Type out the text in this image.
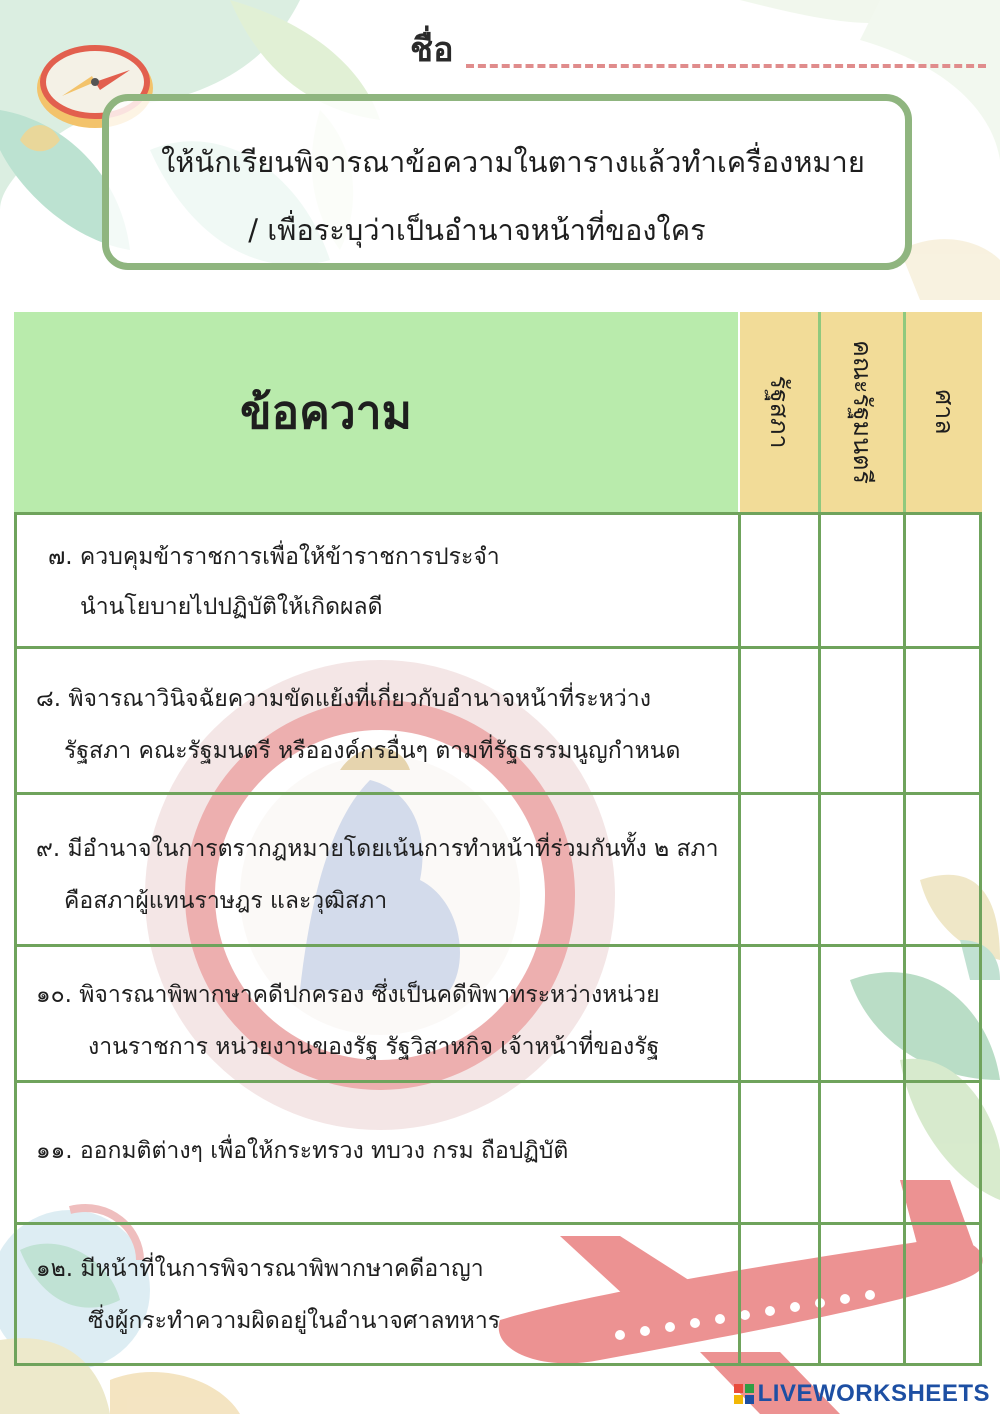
ชื่อ
ให้นักเรียนพิจารณาข้อความในตารางแล้วทำเครื่องหมาย
/ เพื่อระบุว่าเป็นอำนาจหน้าที่ของใคร
ข้อความ	รัฐสภา คณะรัฐมนตรี ศาล
๗. ควบคุมข้าราชการเพื่อให้ข้าราชการประจำ
นำนโยบายไปปฏิบัติให้เกิดผลดี
๘. พิจารณาวินิจฉัยความขัดแย้งที่เกี่ยวกับอำนาจหน้าที่ระหว่าง
รัฐสภา คณะรัฐมนตรี หรือองค์กรอื่นๆ ตามที่รัฐธรรมนูญกำหนด
๙. มีอำนาจในการตรากฎหมายโดยเน้นการทำหน้าที่ร่วมกันทั้ง ๒ สภา
คือสภาผู้แทนราษฎร และวุฒิสภา
๑๐. พิจารณาพิพากษาคดีปกครอง ซึ่งเป็นคดีพิพาทระหว่างหน่วย
งานราชการ หน่วยงานของรัฐ รัฐวิสาหกิจ เจ้าหน้าที่ของรัฐ
๑๑. ออกมติต่างๆ เพื่อให้กระทรวง ทบวง กรม ถือปฏิบัติ
๑๒. มีหน้าที่ในการพิจารณาพิพากษาคดีอาญา
ซึ่งผู้กระทำความผิดอยู่ในอำนาจศาลทหาร
LIVEWORKSHEETS
